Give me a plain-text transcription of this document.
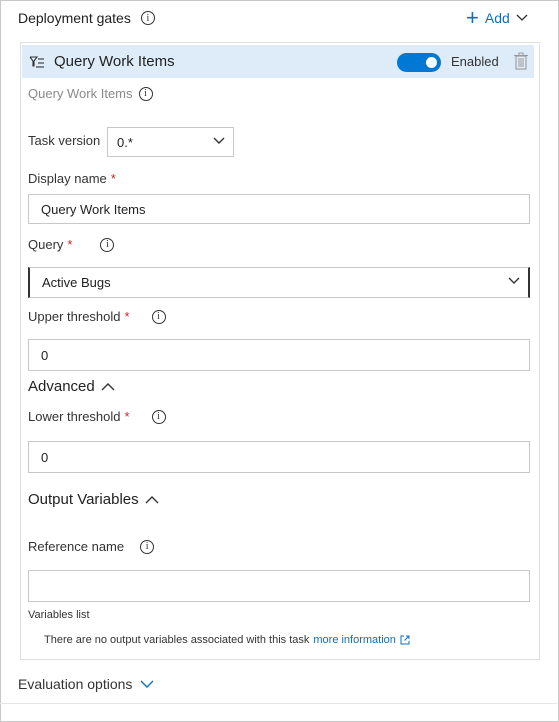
Deployment gates	i	+ Add
Query Work Items	Enabled
Query Work Items	i
Task version 0.*
Display name *
Query Work Items
Query *	i
Active Bugs
Upper threshold *	i
0
Advanced
Lower threshold *	i
0
Output Variables
Reference name	i
Variables list
There are no output variables associated with this task more information
Evaluation options
